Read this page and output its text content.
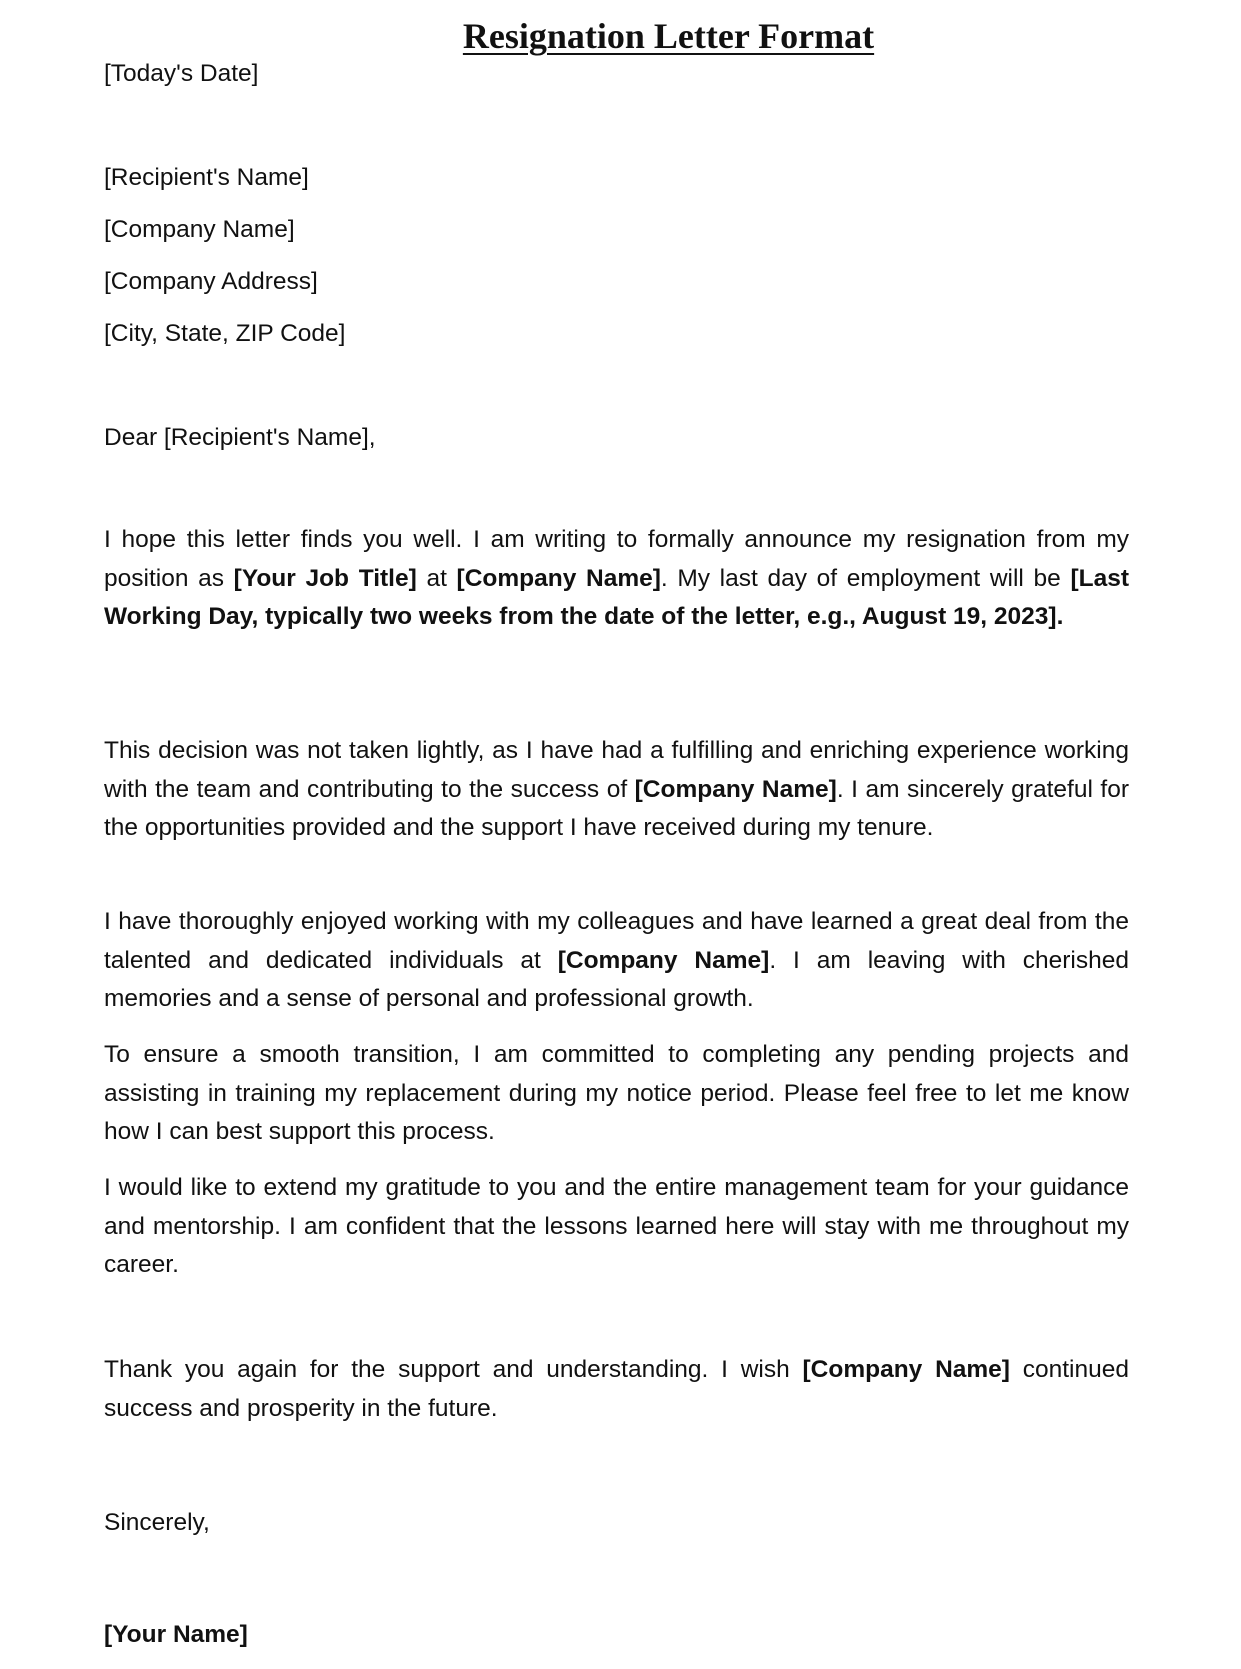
Resignation Letter Format
[Today's Date]
[Recipient's Name]
[Company Name]
[Company Address]
[City, State, ZIP Code]
Dear [Recipient's Name],

I hope this letter finds you well. I am writing to formally announce my resignation from my position as [Your Job Title] at [Company Name]. My last day of employment will be [Last Working Day, typically two weeks from the date of the letter, e.g., August 19, 2023].

This decision was not taken lightly, as I have had a fulfilling and enriching experience working with the team and contributing to the success of [Company Name]. I am sincerely grateful for the opportunities provided and the support I have received during my tenure.

I have thoroughly enjoyed working with my colleagues and have learned a great deal from the talented and dedicated individuals at [Company Name]. I am leaving with cherished memories and a sense of personal and professional growth.

To ensure a smooth transition, I am committed to completing any pending projects and assisting in training my replacement during my notice period. Please feel free to let me know how I can best support this process.

I would like to extend my gratitude to you and the entire management team for your guidance and mentorship. I am confident that the lessons learned here will stay with me throughout my career.

Thank you again for the support and understanding. I wish [Company Name] continued success and prosperity in the future.

Sincerely,
[Your Name]
